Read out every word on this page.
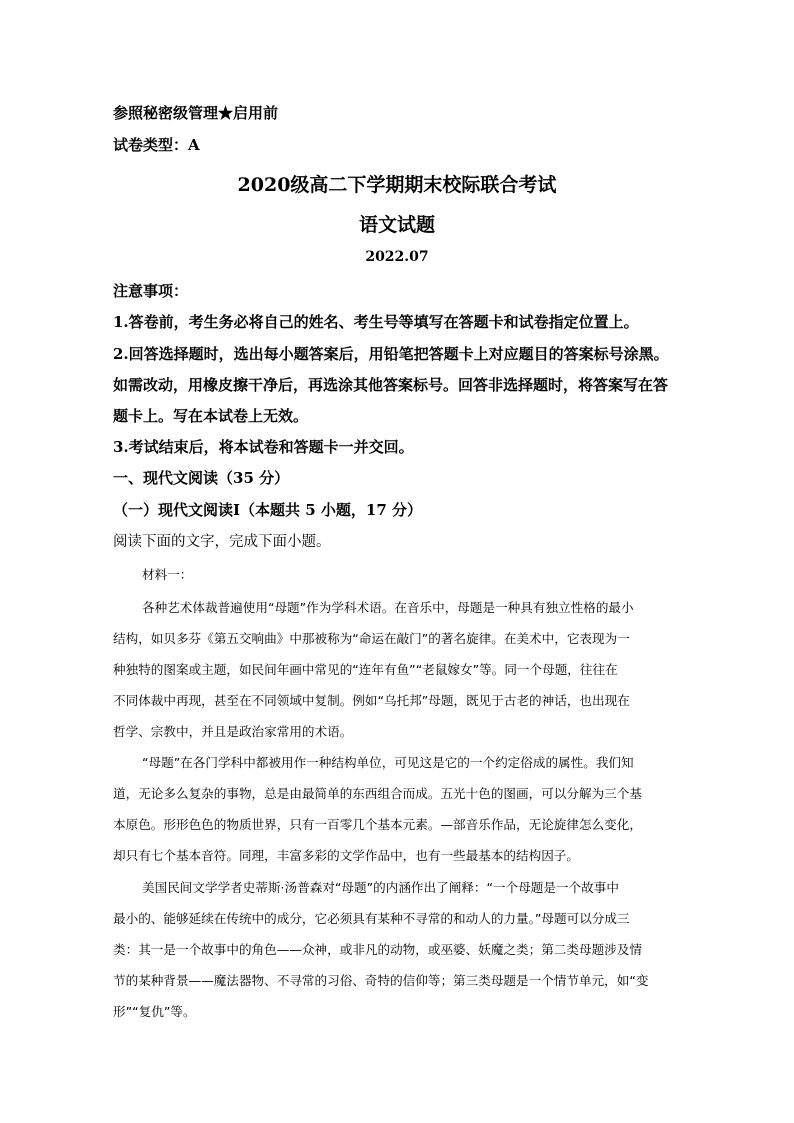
参照秘密级管理★启用前
试卷类型：A
2020级高二下学期期末校际联合考试
语文试题
2022.07
注意事项：
1.答卷前，考生务必将自己的姓名、考生号等填写在答题卡和试卷指定位置上。
2.回答选择题时，选出每小题答案后，用铅笔把答题卡上对应题目的答案标号涂黑。
如需改动，用橡皮擦干净后，再选涂其他答案标号。回答非选择题时，将答案写在答
题卡上。写在本试卷上无效。
3.考试结束后，将本试卷和答题卡一并交回。
一、现代文阅读（35 分）
（一）现代文阅读Ⅰ（本题共 5 小题，17 分）
阅读下面的文字，完成下面小题。
材料一：
各种艺术体裁普遍使用“母题”作为学科术语。在音乐中，母题是一种具有独立性格的最小
结构，如贝多芬《第五交响曲》中那被称为“命运在敲门”的著名旋律。在美术中，它表现为一
种独特的图案或主题，如民间年画中常见的“连年有鱼”“老鼠嫁女”等。同一个母题，往往在
不同体裁中再现，甚至在不同领域中复制。例如“乌托邦”母题，既见于古老的神话，也出现在
哲学、宗教中，并且是政治家常用的术语。
“母题”在各门学科中都被用作一种结构单位，可见这是它的一个约定俗成的属性。我们知
道，无论多么复杂的事物，总是由最简单的东西组合而成。五光十色的图画，可以分解为三个基
本原色。形形色色的物质世界，只有一百零几个基本元素。—部音乐作品，无论旋律怎么变化，
却只有七个基本音符。同理，丰富多彩的文学作品中，也有一些最基本的结构因子。
美国民间文学学者史蒂斯·汤普森对“母题”的内涵作出了阐释：“一个母题是一个故事中
最小的、能够延续在传统中的成分，它必须具有某种不寻常的和动人的力量。”母题可以分成三
类：其一是一个故事中的角色——众神，或非凡的动物，或巫婆、妖魔之类；第二类母题涉及情
节的某种背景——魔法器物、不寻常的习俗、奇特的信仰等；第三类母题是一个情节单元，如“变
形”“复仇”等。
